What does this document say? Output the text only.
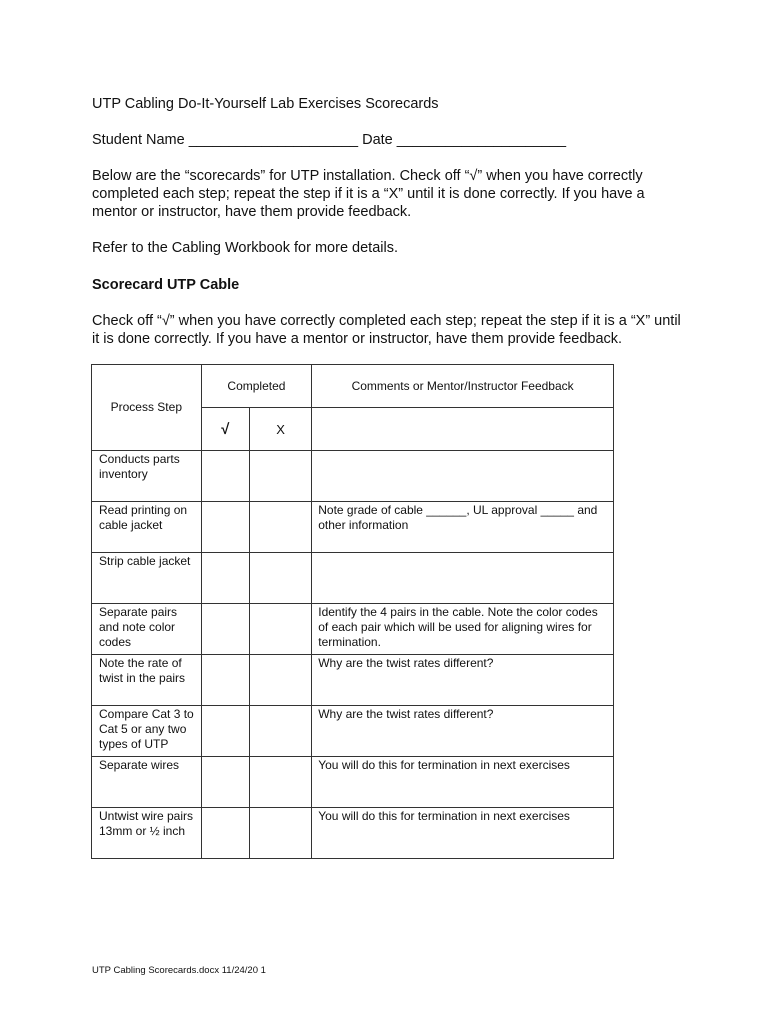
UTP Cabling Do-It-Yourself Lab Exercises Scorecards

Student Name _____________________ Date _____________________

Below are the “scorecards” for UTP installation. Check off “√” when you have correctly completed each step; repeat the step if it is a “X” until it is done correctly. If you have a mentor or instructor, have them provide feedback.

Refer to the Cabling Workbook for more details.

Scorecard UTP Cable

Check off “√” when you have correctly completed each step; repeat the step if it is a “X” until it is done correctly. If you have a mentor or instructor, have them provide feedback.

Process Step	Completed		Comments or Mentor/Instructor Feedback
	√	X	

Conducts parts inventory			

Read printing on cable jacket			Note grade of cable ______, UL approval _____ and other information

Strip cable jacket			

Separate pairs and note color codes			Identify the 4 pairs in the cable. Note the color codes of each pair which will be used for aligning wires for termination.

Note the rate of twist in the pairs			Why are the twist rates different?

Compare Cat 3 to Cat 5 or any two types of UTP			Why are the twist rates different?

Separate wires			You will do this for termination in next exercises

Untwist wire pairs 13mm or ½ inch			You will do this for termination in next exercises

UTP Cabling Scorecards.docx 11/24/20 1
